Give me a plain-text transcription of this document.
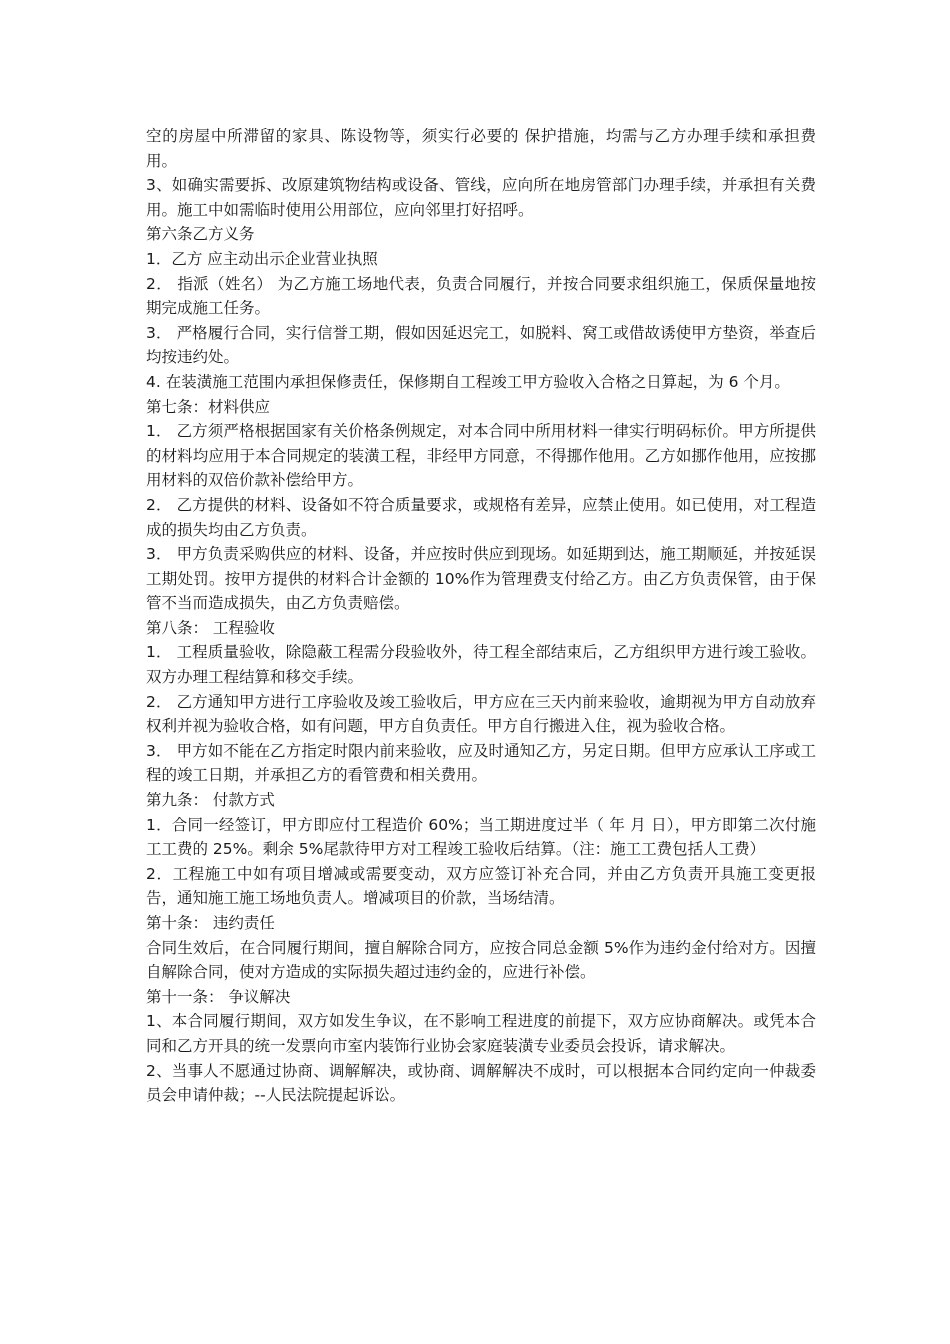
空的房屋中所滞留的家具、陈设物等，须实行必要的 保护措施，均需与乙方办理手续和承担费用。

3、如确实需要拆、改原建筑物结构或设备、管线，应向所在地房管部门办理手续，并承担有关费用。施工中如需临时使用公用部位，应向邻里打好招呼。

第六条乙方义务

1．乙方 应主动出示企业营业执照

2． 指派（姓名） 为乙方施工场地代表，负责合同履行，并按合同要求组织施工，保质保量地按期完成施工任务。

3． 严格履行合同，实行信誉工期，假如因延迟完工，如脱料、窝工或借故诱使甲方垫资，举查后均按违约处。

4. 在装潢施工范围内承担保修责任，保修期自工程竣工甲方验收入合格之日算起，为 6 个月。

第七条：材料供应

1． 乙方须严格根据国家有关价格条例规定，对本合同中所用材料一律实行明码标价。甲方所提供的材料均应用于本合同规定的装潢工程，非经甲方同意，不得挪作他用。乙方如挪作他用，应按挪用材料的双倍价款补偿给甲方。

2． 乙方提供的材料、设备如不符合质量要求，或规格有差异，应禁止使用。如已使用，对工程造成的损失均由乙方负责。

3． 甲方负责采购供应的材料、设备，并应按时供应到现场。如延期到达，施工期顺延，并按延误工期处罚。按甲方提供的材料合计金额的 10%作为管理费支付给乙方。由乙方负责保管，由于保管不当而造成损失，由乙方负责赔偿。

第八条： 工程验收

1． 工程质量验收，除隐蔽工程需分段验收外，待工程全部结束后，乙方组织甲方进行竣工验收。双方办理工程结算和移交手续。

2． 乙方通知甲方进行工序验收及竣工验收后，甲方应在三天内前来验收，逾期视为甲方自动放弃权利并视为验收合格，如有问题，甲方自负责任。甲方自行搬进入住，视为验收合格。

3． 甲方如不能在乙方指定时限内前来验收，应及时通知乙方，另定日期。但甲方应承认工序或工程的竣工日期，并承担乙方的看管费和相关费用。

第九条： 付款方式

1．合同一经签订，甲方即应付工程造价 60%；当工期进度过半（ 年 月 日），甲方即第二次付施工工费的 25%。剩余 5%尾款待甲方对工程竣工验收后结算。（注：施工工费包括人工费）

2．工程施工中如有项目增减或需要变动，双方应签订补充合同，并由乙方负责开具施工变更报告，通知施工施工场地负责人。增减项目的价款，当场结清。

第十条： 违约责任

合同生效后，在合同履行期间，擅自解除合同方，应按合同总金额 5%作为违约金付给对方。因擅自解除合同，使对方造成的实际损失超过违约金的，应进行补偿。

第十一条： 争议解决

1、本合同履行期间，双方如发生争议，在不影响工程进度的前提下，双方应协商解决。或凭本合同和乙方开具的统一发票向市室内装饰行业协会家庭装潢专业委员会投诉，请求解决。

2、当事人不愿通过协商、调解解决，或协商、调解解决不成时，可以根据本合同约定向一仲裁委员会申请仲裁；--人民法院提起诉讼。
